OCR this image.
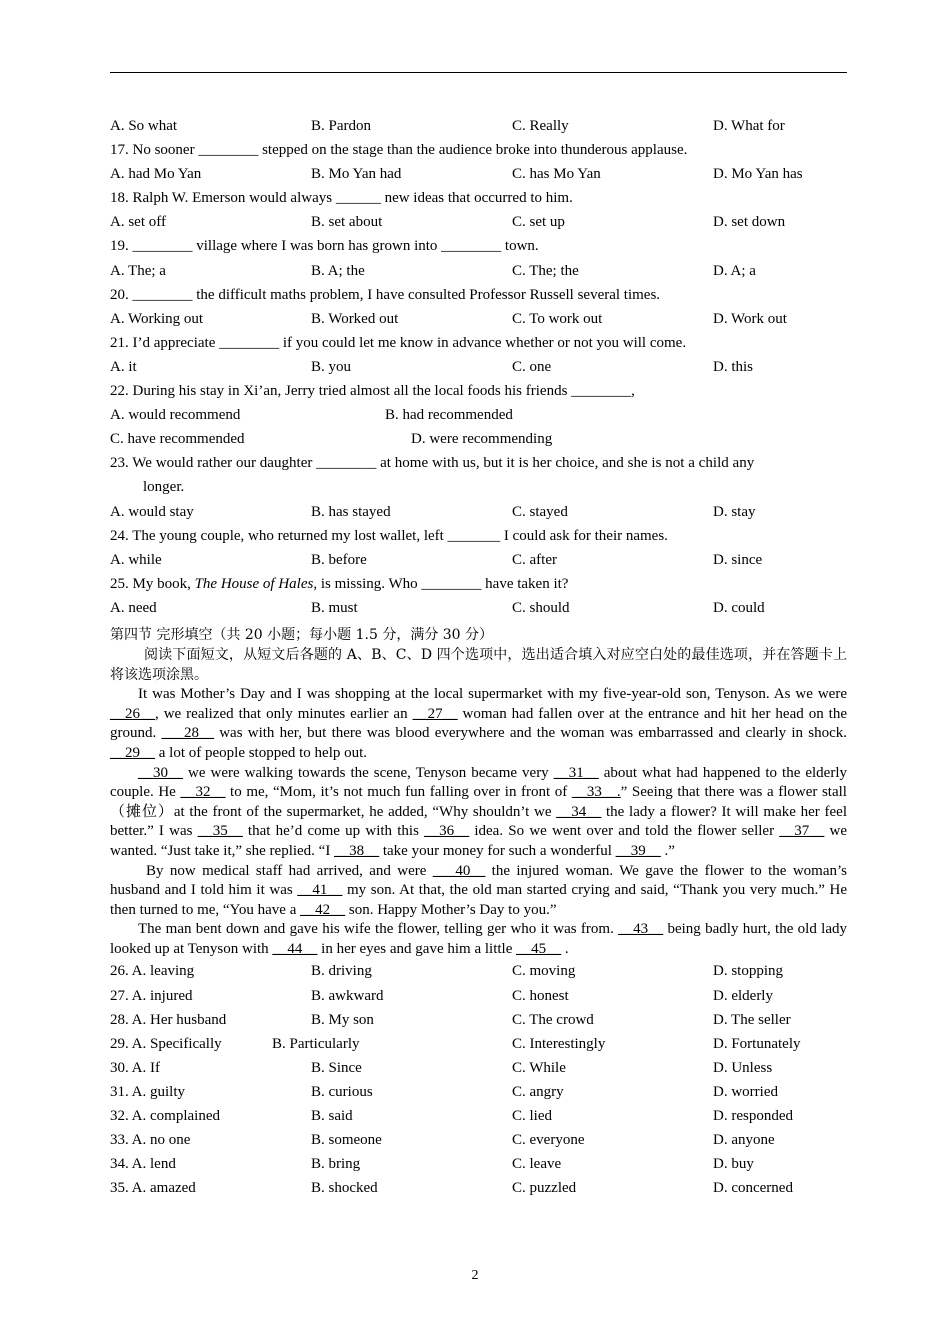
A. So what	B. Pardon	C. Really	D. What for
17. No sooner ________ stepped on the stage than the audience broke into thunderous applause.
A. had Mo Yan	B. Mo Yan had	C. has Mo Yan	D. Mo Yan has
18. Ralph W. Emerson would always ______ new ideas that occurred to him.
A. set off	B. set about	C. set up	D. set down
19. ________ village where I was born has grown into ________ town.
A. The; a	B. A; the	C. The; the	D. A; a
20. ________ the difficult maths problem, I have consulted Professor Russell several times.
A. Working out	B. Worked out	C. To work out	D. Work out
21. I’d appreciate ________ if you could let me know in advance whether or not you will come.
A. it	B. you	C. one	D. this
22. During his stay in Xi’an, Jerry tried almost all the local foods his friends ________,
A. would recommend	B. had recommended
C. have recommended	D. were recommending
23. We would rather our daughter ________ at home with us, but it is her choice, and she is not a child any
longer.
A. would stay	B. has stayed	C. stayed	D. stay
24. The young couple, who returned my lost wallet, left _______ I could ask for their names.
A. while	B. before	C. after	D. since
25. My book, The House of Hales, is missing. Who ________ have taken it?
A. need	B. must	C. should	D. could
第四节 完形填空（共 20 小题；每小题 1.5 分，满分 30 分）
阅读下面短文，从短文后各题的 A、B、C、D 四个选项中，选出适合填入对应空白处的最佳选项，并在答题卡上将该选项涂黑。

It was Mother’s Day and I was shopping at the local supermarket with my five-year-old son, Tenyson. As we were __26__, we realized that only minutes earlier an __27__ woman had fallen over at the entrance and hit her head on the ground. ___28__ was with her, but there was blood everywhere and the woman was embarrassed and clearly in shock. __29__ a lot of people stopped to help out.

__30__ we were walking towards the scene, Tenyson became very __31__ about what had happened to the elderly couple. He __32__ to me, “Mom, it’s not much fun falling over in front of __33__.” Seeing that there was a flower stall（摊位）at the front of the supermarket, he added, “Why shouldn’t we __34__ the lady a flower? It will make her feel better.” I was __35__ that he’d come up with this __36__ idea. So we went over and told the flower seller __37__ we wanted. “Just take it,” she replied. “I __38__ take your money for such a wonderful __39__ .”

By now medical staff had arrived, and were ___40__ the injured woman. We gave the flower to the woman’s husband and I told him it was __41__ my son. At that, the old man started crying and said, “Thank you very much.” He then turned to me, “You have a __42__ son. Happy Mother’s Day to you.”

The man bent down and gave his wife the flower, telling ger who it was from. __43__ being badly hurt, the old lady looked up at Tenyson with __44__ in her eyes and gave him a little __45__ .

26. A. leaving	B. driving	C. moving	D. stopping
27. A. injured	B. awkward	C. honest	D. elderly
28. A. Her husband	B. My son	C. The crowd	D. The seller
29. A. Specifically	B. Particularly	C. Interestingly	D. Fortunately
30. A. If	B. Since	C. While	D. Unless
31. A. guilty	B. curious	C. angry	D. worried
32. A. complained	B. said	C. lied	D. responded
33. A. no one	B. someone	C. everyone	D. anyone
34. A. lend	B. bring	C. leave	D. buy
35. A. amazed	B. shocked	C. puzzled	D. concerned
2
